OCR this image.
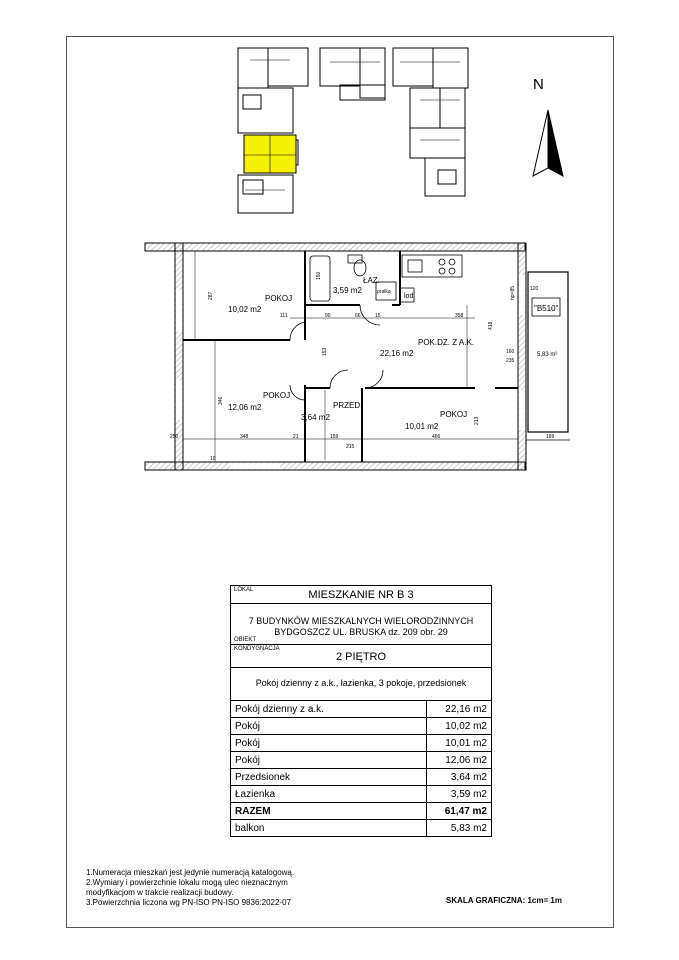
N
POKOJ
10,02 m2
POKOJ
12,06 m2
POKOJ
10,01 m2
POK.DZ. Z A.K.
22,16 m2
PRZED.
3,64 m2
ŁAZ.
3,59 m2
lod
pralka
"B510"
5,83 m²
287
346
348	466
358
159
213
111	90	66	15
150
153
hp=85
418
215
160
235
120
250	21
10
169
LOKAL	MIESZKANIE NR B 3
7 BUDYNKÓW MIESZKALNYCH WIELORODZINNYCH
BYDGOSZCZ UL. BRUSKA dz. 209 obr. 29
OBIEKT
KONDYGNACJA
2 PIĘTRO
Pokój dzienny z a.k., łazienka, 3 pokoje, przedsionek
Pokój dzienny z a.k.	22,16 m2
Pokój	10,02 m2
Pokój	10,01 m2
Pokój	12,06 m2
Przedsionek	3,64 m2
Łazienka	3,59 m2
RAZEM	61,47 m2
balkon	5,83 m2
1.Numeracja mieszkań jest jedynie numeracją katalogową.
2.Wymiary i powierzchnie lokalu mogą ulec nieznacznym
modyfikacjom w trakcie realizacji budowy.
3.Powierzchnia liczona wg PN-ISO PN-ISO 9836:2022-07	SKALA GRAFICZNA: 1cm= 1m
